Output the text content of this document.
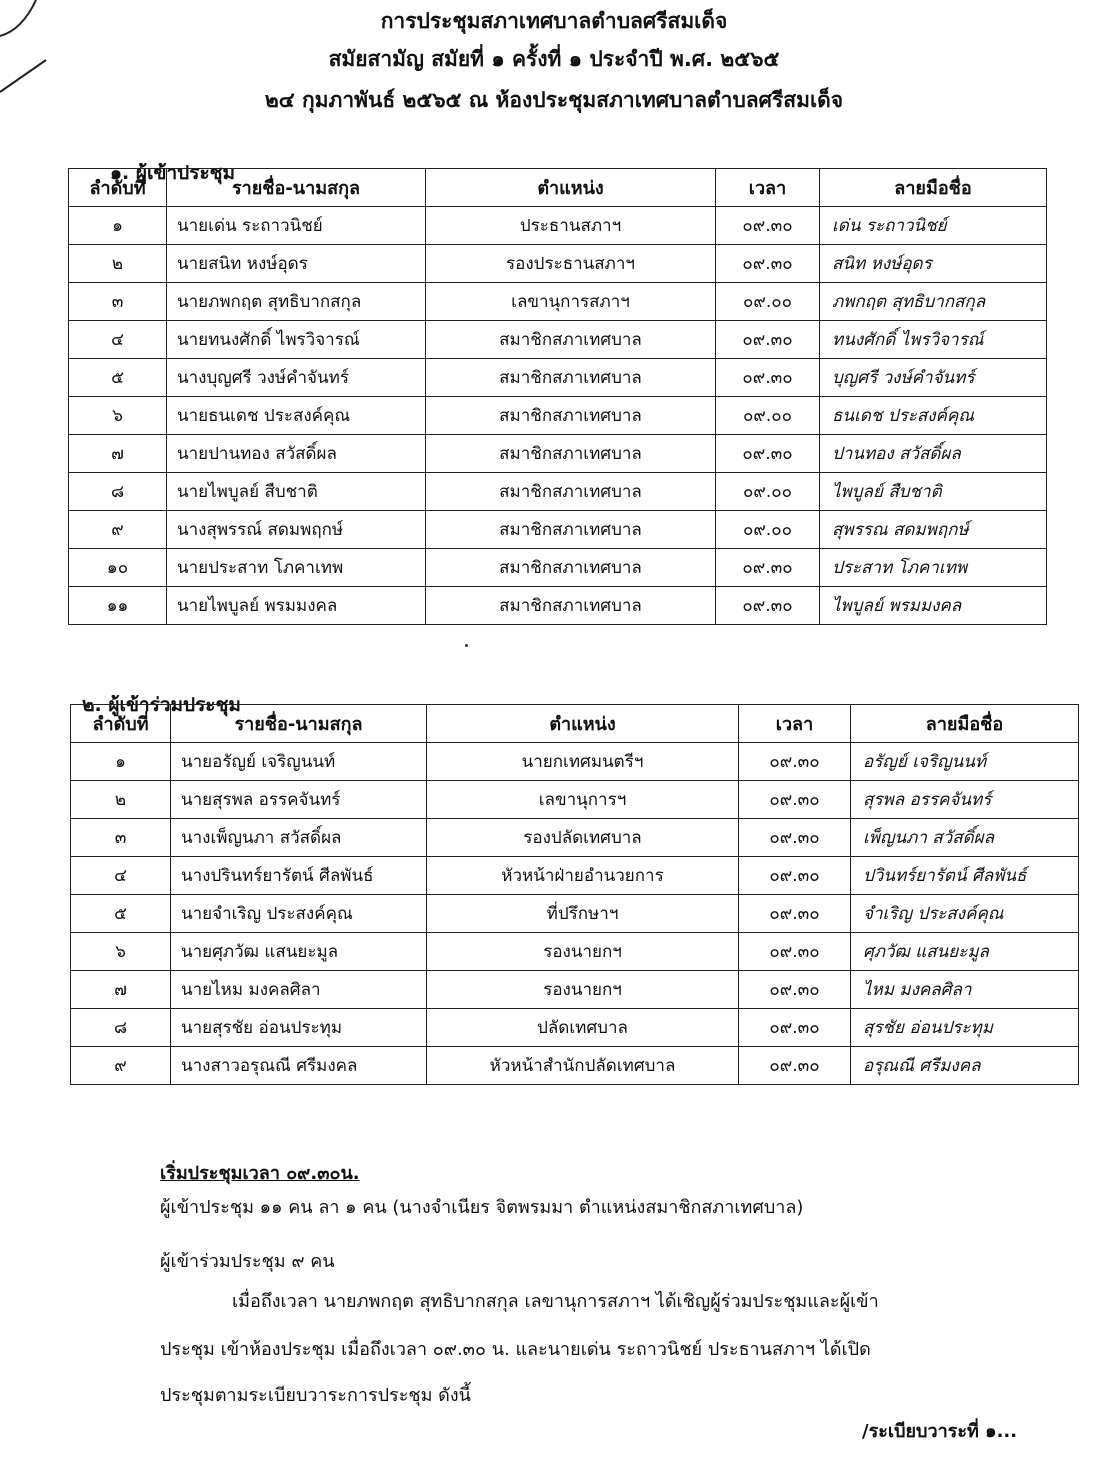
การประชุมสภาเทศบาลตำบลศรีสมเด็จ
สมัยสามัญ สมัยที่ ๑ ครั้งที่ ๑ ประจำปี พ.ศ. ๒๕๖๕
๒๔ กุมภาพันธ์ ๒๕๖๕ ณ ห้องประชุมสภาเทศบาลตำบลศรีสมเด็จ
๑. ผู้เข้าประชุม
ลำดับที่	รายชื่อ-นามสกุล	ตำแหน่ง	เวลา	ลายมือชื่อ
๑	นายเด่น ระถาวนิชย์	ประธานสภาฯ	๐๙.๓๐	เด่น ระถาวนิชย์
๒	นายสนิท หงษ์อุดร	รองประธานสภาฯ	๐๙.๓๐	สนิท หงษ์อุดร
๓	นายภพกฤต สุทธิบากสกุล	เลขานุการสภาฯ	๐๙.๐๐	ภพกฤต สุทธิบากสกุล
๔	นายทนงศักดิ์ ไพรวิจารณ์	สมาชิกสภาเทศบาล	๐๙.๓๐	ทนงศักดิ์ ไพรวิจารณ์
๕	นางบุญศรี วงษ์คำจันทร์	สมาชิกสภาเทศบาล	๐๙.๓๐	บุญศรี วงษ์คำจันทร์
๖	นายธนเดช ประสงค์คุณ	สมาชิกสภาเทศบาล	๐๙.๐๐	ธนเดช ประสงค์คุณ
๗	นายปานทอง สวัสดิ์ผล	สมาชิกสภาเทศบาล	๐๙.๓๐	ปานทอง สวัสดิ์ผล
๘	นายไพบูลย์ สืบชาติ	สมาชิกสภาเทศบาล	๐๙.๐๐	ไพบูลย์ สืบชาติ
๙	นางสุพรรณ์ สดมพฤกษ์	สมาชิกสภาเทศบาล	๐๙.๐๐	สุพรรณ สดมพฤกษ์
๑๐	นายประสาท โภคาเทพ	สมาชิกสภาเทศบาล	๐๙.๓๐	ประสาท โภคาเทพ
๑๑	นายไพบูลย์ พรมมงคล	สมาชิกสภาเทศบาล	๐๙.๓๐	ไพบูลย์ พรมมงคล
๒. ผู้เข้าร่วมประชุม
ลำดับที่	รายชื่อ-นามสกุล	ตำแหน่ง	เวลา	ลายมือชื่อ
๑	นายอรัญย์ เจริญนนท์	นายกเทศมนตรีฯ	๐๙.๓๐	อรัญย์ เจริญนนท์
๒	นายสุรพล อรรคจันทร์	เลขานุการฯ	๐๙.๓๐	สุรพล อรรคจันทร์
๓	นางเพ็ญนภา สวัสดิ์ผล	รองปลัดเทศบาล	๐๙.๓๐	เพ็ญนภา สวัสดิ์ผล
๔	นางปรินทร์ยารัตน์ ศีลพันธ์	หัวหน้าฝ่ายอำนวยการ	๐๙.๓๐	ปวินทร์ยารัตน์ ศีลพันธ์
๕	นายจำเริญ ประสงค์คุณ	ที่ปรึกษาฯ	๐๙.๓๐	จำเริญ ประสงค์คุณ
๖	นายศุภวัฒ แสนยะมูล	รองนายกฯ	๐๙.๓๐	ศุภวัฒ แสนยะมูล
๗	นายไหม มงคลศิลา	รองนายกฯ	๐๙.๓๐	ไหม มงคลศิลา
๘	นายสุรชัย อ่อนประทุม	ปลัดเทศบาล	๐๙.๓๐	สุรชัย อ่อนประทุม
๙	นางสาวอรุณณี ศรีมงคล	หัวหน้าสำนักปลัดเทศบาล	๐๙.๓๐	อรุณณี ศรีมงคล
เริ่มประชุมเวลา ๐๙.๓๐น.
ผู้เข้าประชุม ๑๑ คน ลา ๑ คน (นางจำเนียร จิตพรมมา ตำแหน่งสมาชิกสภาเทศบาล)
ผู้เข้าร่วมประชุม ๙ คน
เมื่อถึงเวลา นายภพกฤต สุทธิบากสกุล เลขานุการสภาฯ ได้เชิญผู้ร่วมประชุมและผู้เข้า
ประชุม เข้าห้องประชุม เมื่อถึงเวลา ๐๙.๓๐ น. และนายเด่น ระถาวนิชย์ ประธานสภาฯ ได้เปิด
ประชุมตามระเบียบวาระการประชุม ดังนี้
/ระเบียบวาระที่ ๑...
